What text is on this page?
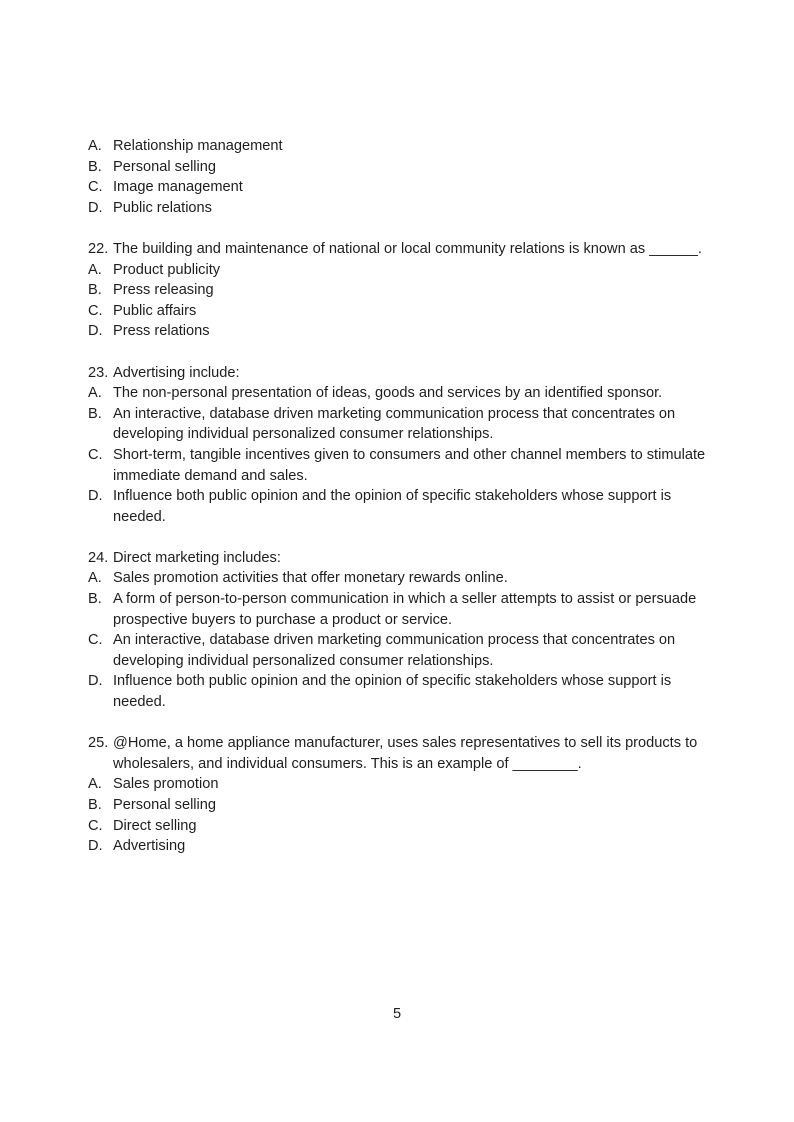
A. Relationship management
B. Personal selling
C. Image management
D. Public relations
22. The building and maintenance of national or local community relations is known as ______.
A. Product publicity
B. Press releasing
C. Public affairs
D. Press relations
23. Advertising include:
A. The non-personal presentation of ideas, goods and services by an identified sponsor.
B. An interactive, database driven marketing communication process that concentrates on developing individual personalized consumer relationships.
C. Short-term, tangible incentives given to consumers and other channel members to stimulate immediate demand and sales.
D. Influence both public opinion and the opinion of specific stakeholders whose support is needed.
24. Direct marketing includes:
A. Sales promotion activities that offer monetary rewards online.
B. A form of person-to-person communication in which a seller attempts to assist or persuade prospective buyers to purchase a product or service.
C. An interactive, database driven marketing communication process that concentrates on developing individual personalized consumer relationships.
D. Influence both public opinion and the opinion of specific stakeholders whose support is needed.
25. @Home, a home appliance manufacturer, uses sales representatives to sell its products to wholesalers, and individual consumers. This is an example of ________.
A. Sales promotion
B. Personal selling
C. Direct selling
D. Advertising
5
